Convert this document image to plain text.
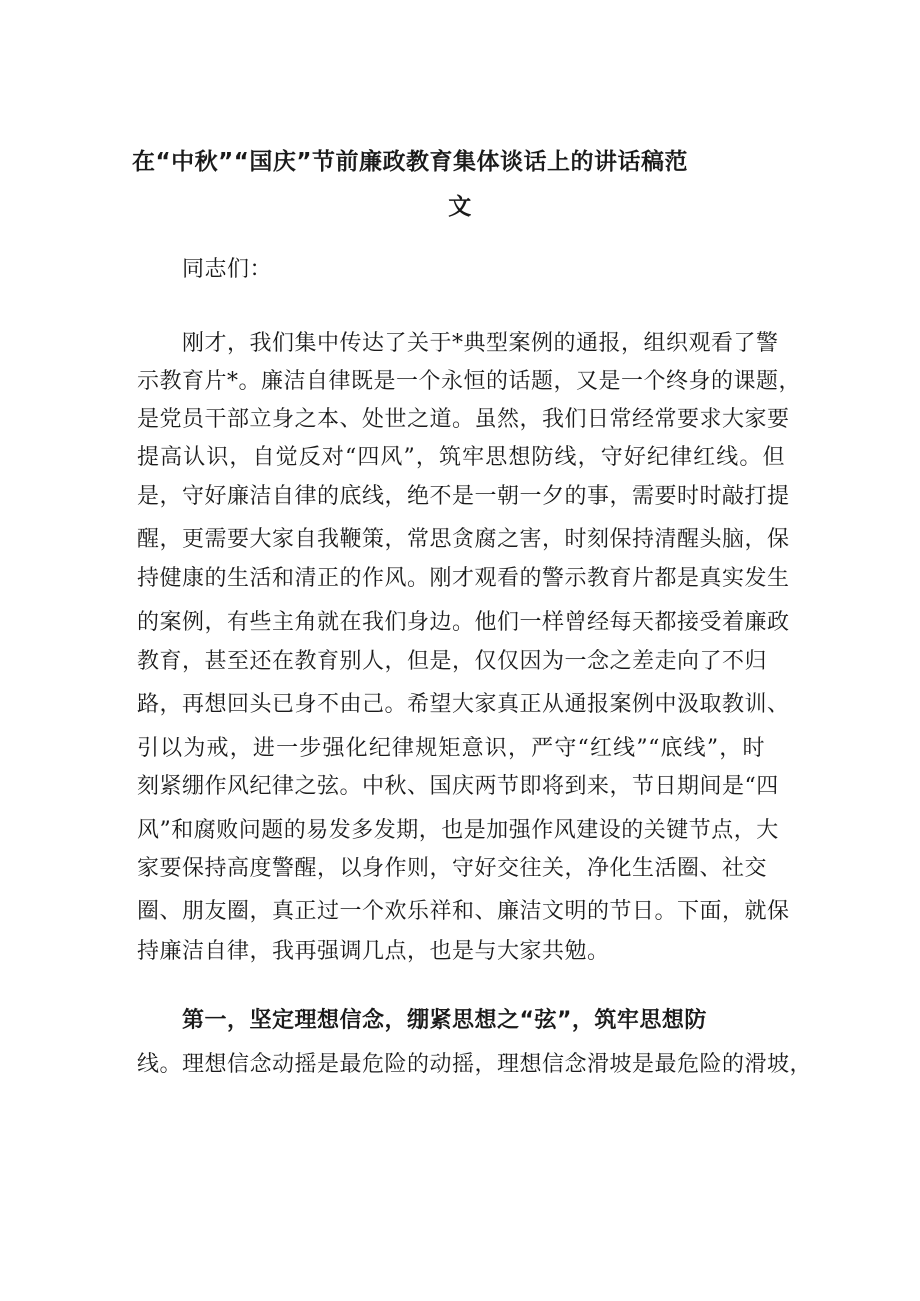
在“中秋”“国庆”节前廉政教育集体谈话上的讲话稿范
文
同志们：
刚才，我们集中传达了关于*典型案例的通报，组织观看了警
示教育片*。廉洁自律既是一个永恒的话题，又是一个终身的课题，
是党员干部立身之本、处世之道。虽然，我们日常经常要求大家要
提高认识，自觉反对“四风”，筑牢思想防线，守好纪律红线。但
是，守好廉洁自律的底线，绝不是一朝一夕的事，需要时时敲打提
醒，更需要大家自我鞭策，常思贪腐之害，时刻保持清醒头脑，保
持健康的生活和清正的作风。刚才观看的警示教育片都是真实发生
的案例，有些主角就在我们身边。他们一样曾经每天都接受着廉政
教育，甚至还在教育别人，但是，仅仅因为一念之差走向了不归
路，再想回头已身不由己。希望大家真正从通报案例中汲取教训、
引以为戒，进一步强化纪律规矩意识，严守“红线”“底线”，时
刻紧绷作风纪律之弦。中秋、国庆两节即将到来，节日期间是“四
风”和腐败问题的易发多发期，也是加强作风建设的关键节点，大
家要保持高度警醒，以身作则，守好交往关，净化生活圈、社交
圈、朋友圈，真正过一个欢乐祥和、廉洁文明的节日。下面，就保
持廉洁自律，我再强调几点，也是与大家共勉。
第一，坚定理想信念，绷紧思想之“弦”，筑牢思想防
线。理想信念动摇是最危险的动摇，理想信念滑坡是最危险的滑坡，
